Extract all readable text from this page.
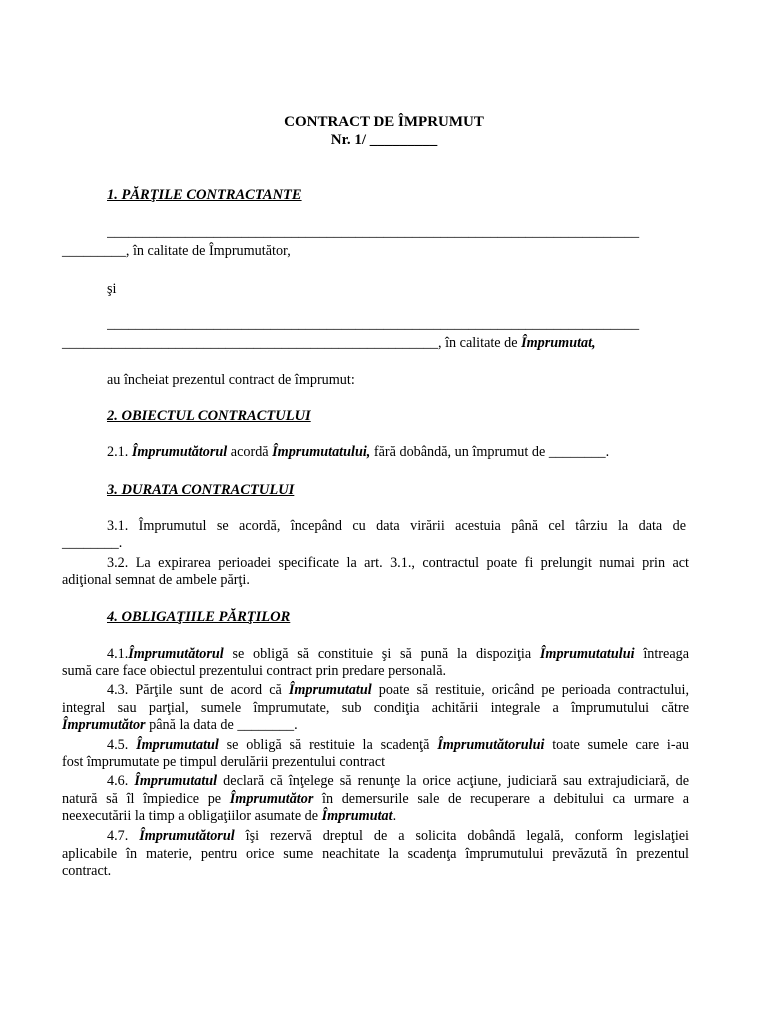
CONTRACT DE ÎMPRUMUT
Nr. 1/ _________
1. PĂRŢILE CONTRACTANTE
___________________________________________________________________________
_________, în calitate de Împrumutător,
şi
___________________________________________________________________________
_____________________________________________________, în calitate de Împrumutat,
au încheiat prezentul contract de împrumut:
2. OBIECTUL CONTRACTULUI
2.1. Împrumutătorul acordă Împrumutatului, fără dobândă, un împrumut de ________.
3. DURATA CONTRACTULUI
3.1. Împrumutul se acordă, începând cu data virării acestuia până cel târziu la data de
________.
3.2. La expirarea perioadei specificate la art. 3.1., contractul poate fi prelungit numai prin act
adiţional semnat de ambele părţi.
4. OBLIGAŢIILE PĂRŢILOR
4.1.Împrumutătorul se obligă să constituie şi să pună la dispoziţia Împrumutatului întreaga
sumă care face obiectul prezentului contract prin predare personală.
4.3. Părţile sunt de acord că Împrumutatul poate să restituie, oricând pe perioada contractului,
integral sau parţial, sumele împrumutate, sub condiţia achitării integrale a împrumutului către
Împrumutător până la data de ________.
4.5. Împrumutatul se obligă să restituie la scadenţă Împrumutătorului toate sumele care i-au
fost împrumutate pe timpul derulării prezentului contract
4.6. Împrumutatul declară că înţelege să renunţe la orice acţiune, judiciară sau extrajudiciară, de
natură să îl împiedice pe Împrumutător în demersurile sale de recuperare a debitului ca urmare a
neexecutării la timp a obligaţiilor asumate de Împrumutat.
4.7. Împrumutătorul îşi rezervă dreptul de a solicita dobândă legală, conform legislaţiei
aplicabile în materie, pentru orice sume neachitate la scadenţa împrumutului prevăzută în prezentul
contract.
